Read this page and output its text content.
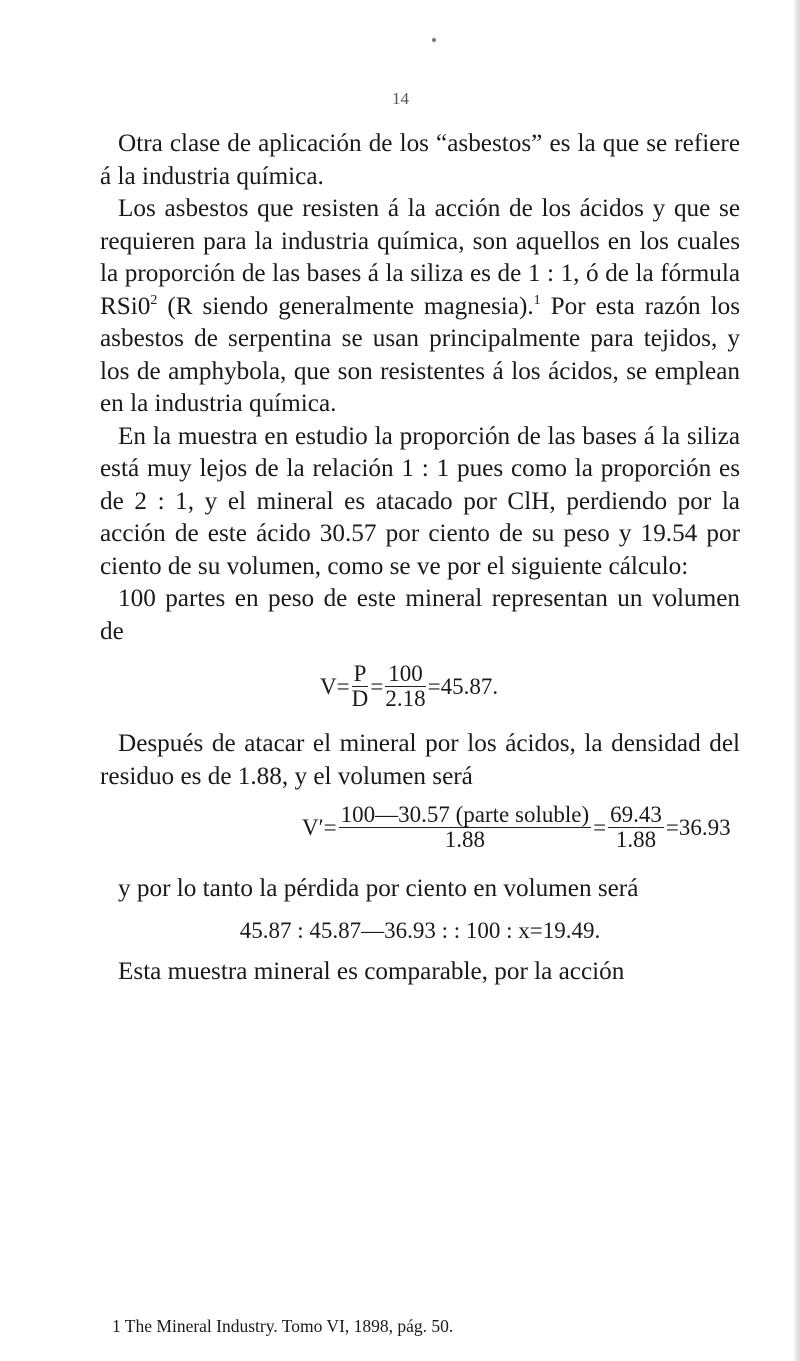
14

Otra clase de aplicación de los “asbestos” es la que se refiere á la industria química.

Los asbestos que resisten á la acción de los ácidos y que se requieren para la industria química, son aquellos en los cuales la proporción de las bases á la siliza es de 1 : 1, ó de la fórmula $RSi0^2$ (R siendo generalmente magnesia).$^1$ Por esta razón los asbestos de serpentina se usan principalmente para tejidos, y los de amphybola, que son resistentes á los ácidos, se emplean en la industria química.

En la muestra en estudio la proporción de las bases á la siliza está muy lejos de la relación 1 : 1 pues como la proporción es de 2 : 1, y el mineral es atacado por ClH, perdiendo por la acción de este ácido 30.57 por ciento de su peso y 19.54 por ciento de su volumen, como se ve por el siguiente cálculo:

100 partes en peso de este mineral representan un volumen de

$V= \frac{P}{D} = \frac{100}{2.18} =45.87$.

Después de atacar el mineral por los ácidos, la densidad del residuo es de 1.88, y el volumen será

$V'= \frac{\text{100—30.57 (parte soluble)}}{1.88} = \frac{69.43}{1.88} =36.93$

y por lo tanto la pérdida por ciento en volumen será

45.87 : 45.87—36.93 : : 100 : x=19.49.

Esta muestra mineral es comparable, por la acción

1 The Mineral Industry. Tomo VI, 1898, pág. 50.
